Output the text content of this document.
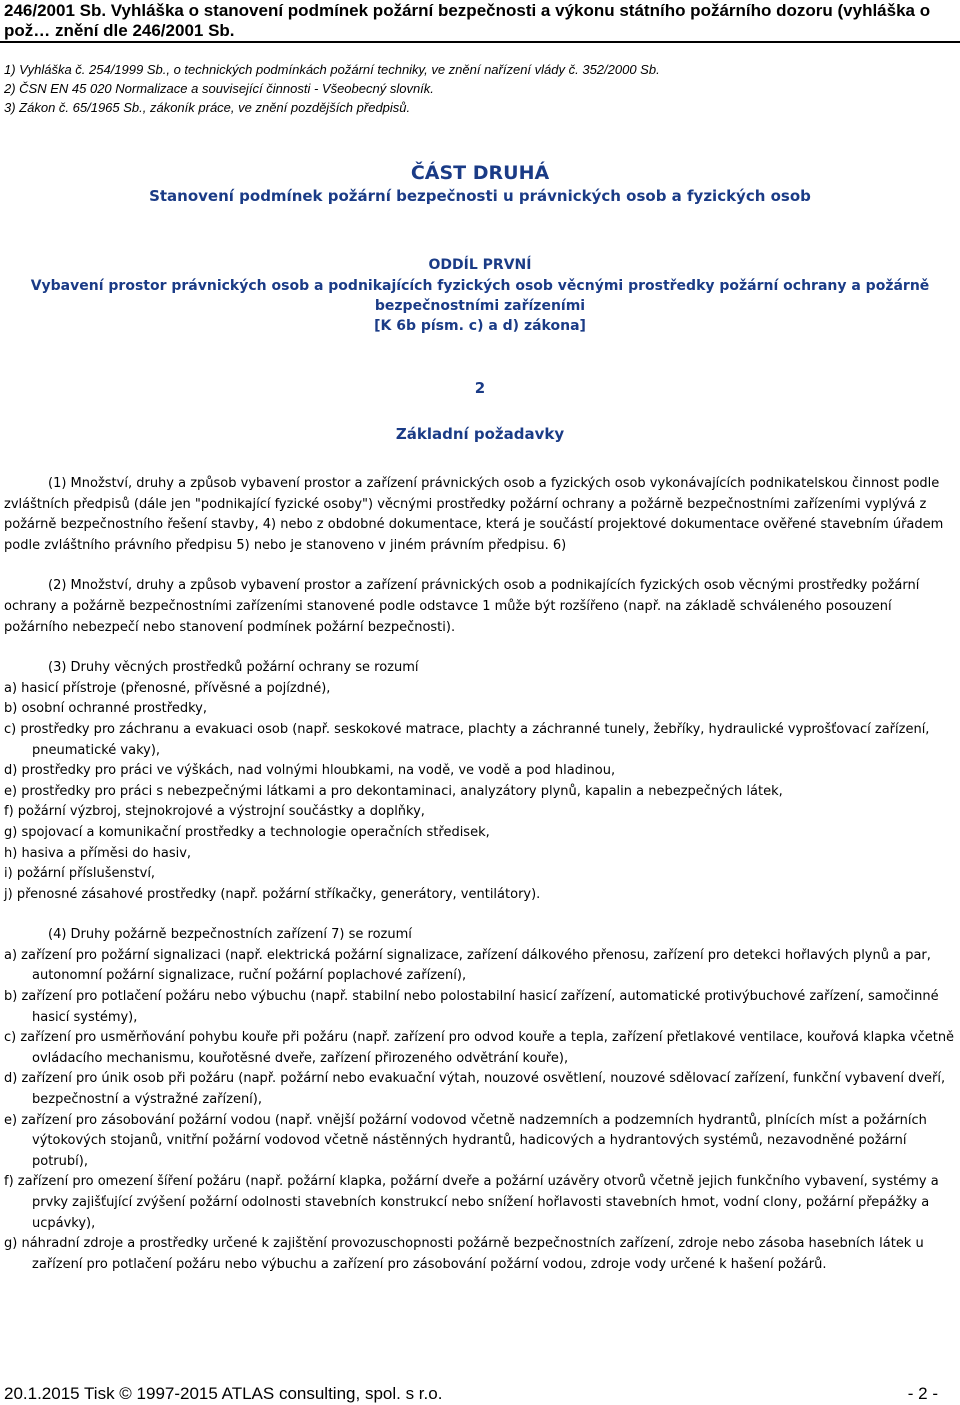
246/2001 Sb. Vyhláška o stanovení podmínek požární bezpečnosti a výkonu státního požárního dozoru (vyhláška o pož… znění dle 246/2001 Sb.
1) Vyhláška č. 254/1999 Sb., o technických podmínkách požární techniky, ve znění nařízení vlády č. 352/2000 Sb.
2) ČSN EN 45 020 Normalizace a související činnosti - Všeobecný slovník.
3) Zákon č. 65/1965 Sb., zákoník práce, ve znění pozdějších předpisů.
ČÁST DRUHÁ
Stanovení podmínek požární bezpečnosti u právnických osob a fyzických osob
ODDÍL PRVNÍ
Vybavení prostor právnických osob a podnikajících fyzických osob věcnými prostředky požární ochrany a požárně bezpečnostními zařízeními
[K 6b písm. c) a d) zákona]
2
Základní požadavky
(1) Množství, druhy a způsob vybavení prostor a zařízení právnických osob a fyzických osob vykonávajících podnikatelskou činnost podle zvláštních předpisů (dále jen "podnikající fyzické osoby") věcnými prostředky požární ochrany a požárně bezpečnostními zařízeními vyplývá z požárně bezpečnostního řešení stavby, 4) nebo z obdobné dokumentace, která je součástí projektové dokumentace ověřené stavebním úřadem podle zvláštního právního předpisu 5) nebo je stanoveno v jiném právním předpisu. 6)
(2) Množství, druhy a způsob vybavení prostor a zařízení právnických osob a podnikajících fyzických osob věcnými prostředky požární ochrany a požárně bezpečnostními zařízeními stanovené podle odstavce 1 může být rozšířeno (např. na základě schváleného posouzení požárního nebezpečí nebo stanovení podmínek požární bezpečnosti).
(3) Druhy věcných prostředků požární ochrany se rozumí
a) hasicí přístroje (přenosné, přívěsné a pojízdné),
b) osobní ochranné prostředky,
c) prostředky pro záchranu a evakuaci osob (např. seskokové matrace, plachty a záchranné tunely, žebříky, hydraulické vyprošťovací zařízení, pneumatické vaky),
d) prostředky pro práci ve výškách, nad volnými hloubkami, na vodě, ve vodě a pod hladinou,
e) prostředky pro práci s nebezpečnými látkami a pro dekontaminaci, analyzátory plynů, kapalin a nebezpečných látek,
f) požární výzbroj, stejnokrojové a výstrojní součástky a doplňky,
g) spojovací a komunikační prostředky a technologie operačních středisek,
h) hasiva a příměsi do hasiv,
i) požární příslušenství,
j) přenosné zásahové prostředky (např. požární stříkačky, generátory, ventilátory).
(4) Druhy požárně bezpečnostních zařízení 7) se rozumí
a) zařízení pro požární signalizaci (např. elektrická požární signalizace, zařízení dálkového přenosu, zařízení pro detekci hořlavých plynů a par, autonomní požární signalizace, ruční požární poplachové zařízení),
b) zařízení pro potlačení požáru nebo výbuchu (např. stabilní nebo polostabilní hasicí zařízení, automatické protivýbuchové zařízení, samočinné hasicí systémy),
c) zařízení pro usměrňování pohybu kouře při požáru (např. zařízení pro odvod kouře a tepla, zařízení přetlakové ventilace, kouřová klapka včetně ovládacího mechanismu, kouřotěsné dveře, zařízení přirozeného odvětrání kouře),
d) zařízení pro únik osob při požáru (např. požární nebo evakuační výtah, nouzové osvětlení, nouzové sdělovací zařízení, funkční vybavení dveří, bezpečnostní a výstražné zařízení),
e) zařízení pro zásobování požární vodou (např. vnější požární vodovod včetně nadzemních a podzemních hydrantů, plnících míst a požárních výtokových stojanů, vnitřní požární vodovod včetně nástěnných hydrantů, hadicových a hydrantových systémů, nezavodněné požární potrubí),
f) zařízení pro omezení šíření požáru (např. požární klapka, požární dveře a požární uzávěry otvorů včetně jejich funkčního vybavení, systémy a prvky zajišťující zvýšení požární odolnosti stavebních konstrukcí nebo snížení hořlavosti stavebních hmot, vodní clony, požární přepážky a ucpávky),
g) náhradní zdroje a prostředky určené k zajištění provozuschopnosti požárně bezpečnostních zařízení, zdroje nebo zásoba hasebních látek u zařízení pro potlačení požáru nebo výbuchu a zařízení pro zásobování požární vodou, zdroje vody určené k hašení požárů.
20.1.2015 Tisk © 1997-2015 ATLAS consulting, spol. s r.o.	- 2 -
